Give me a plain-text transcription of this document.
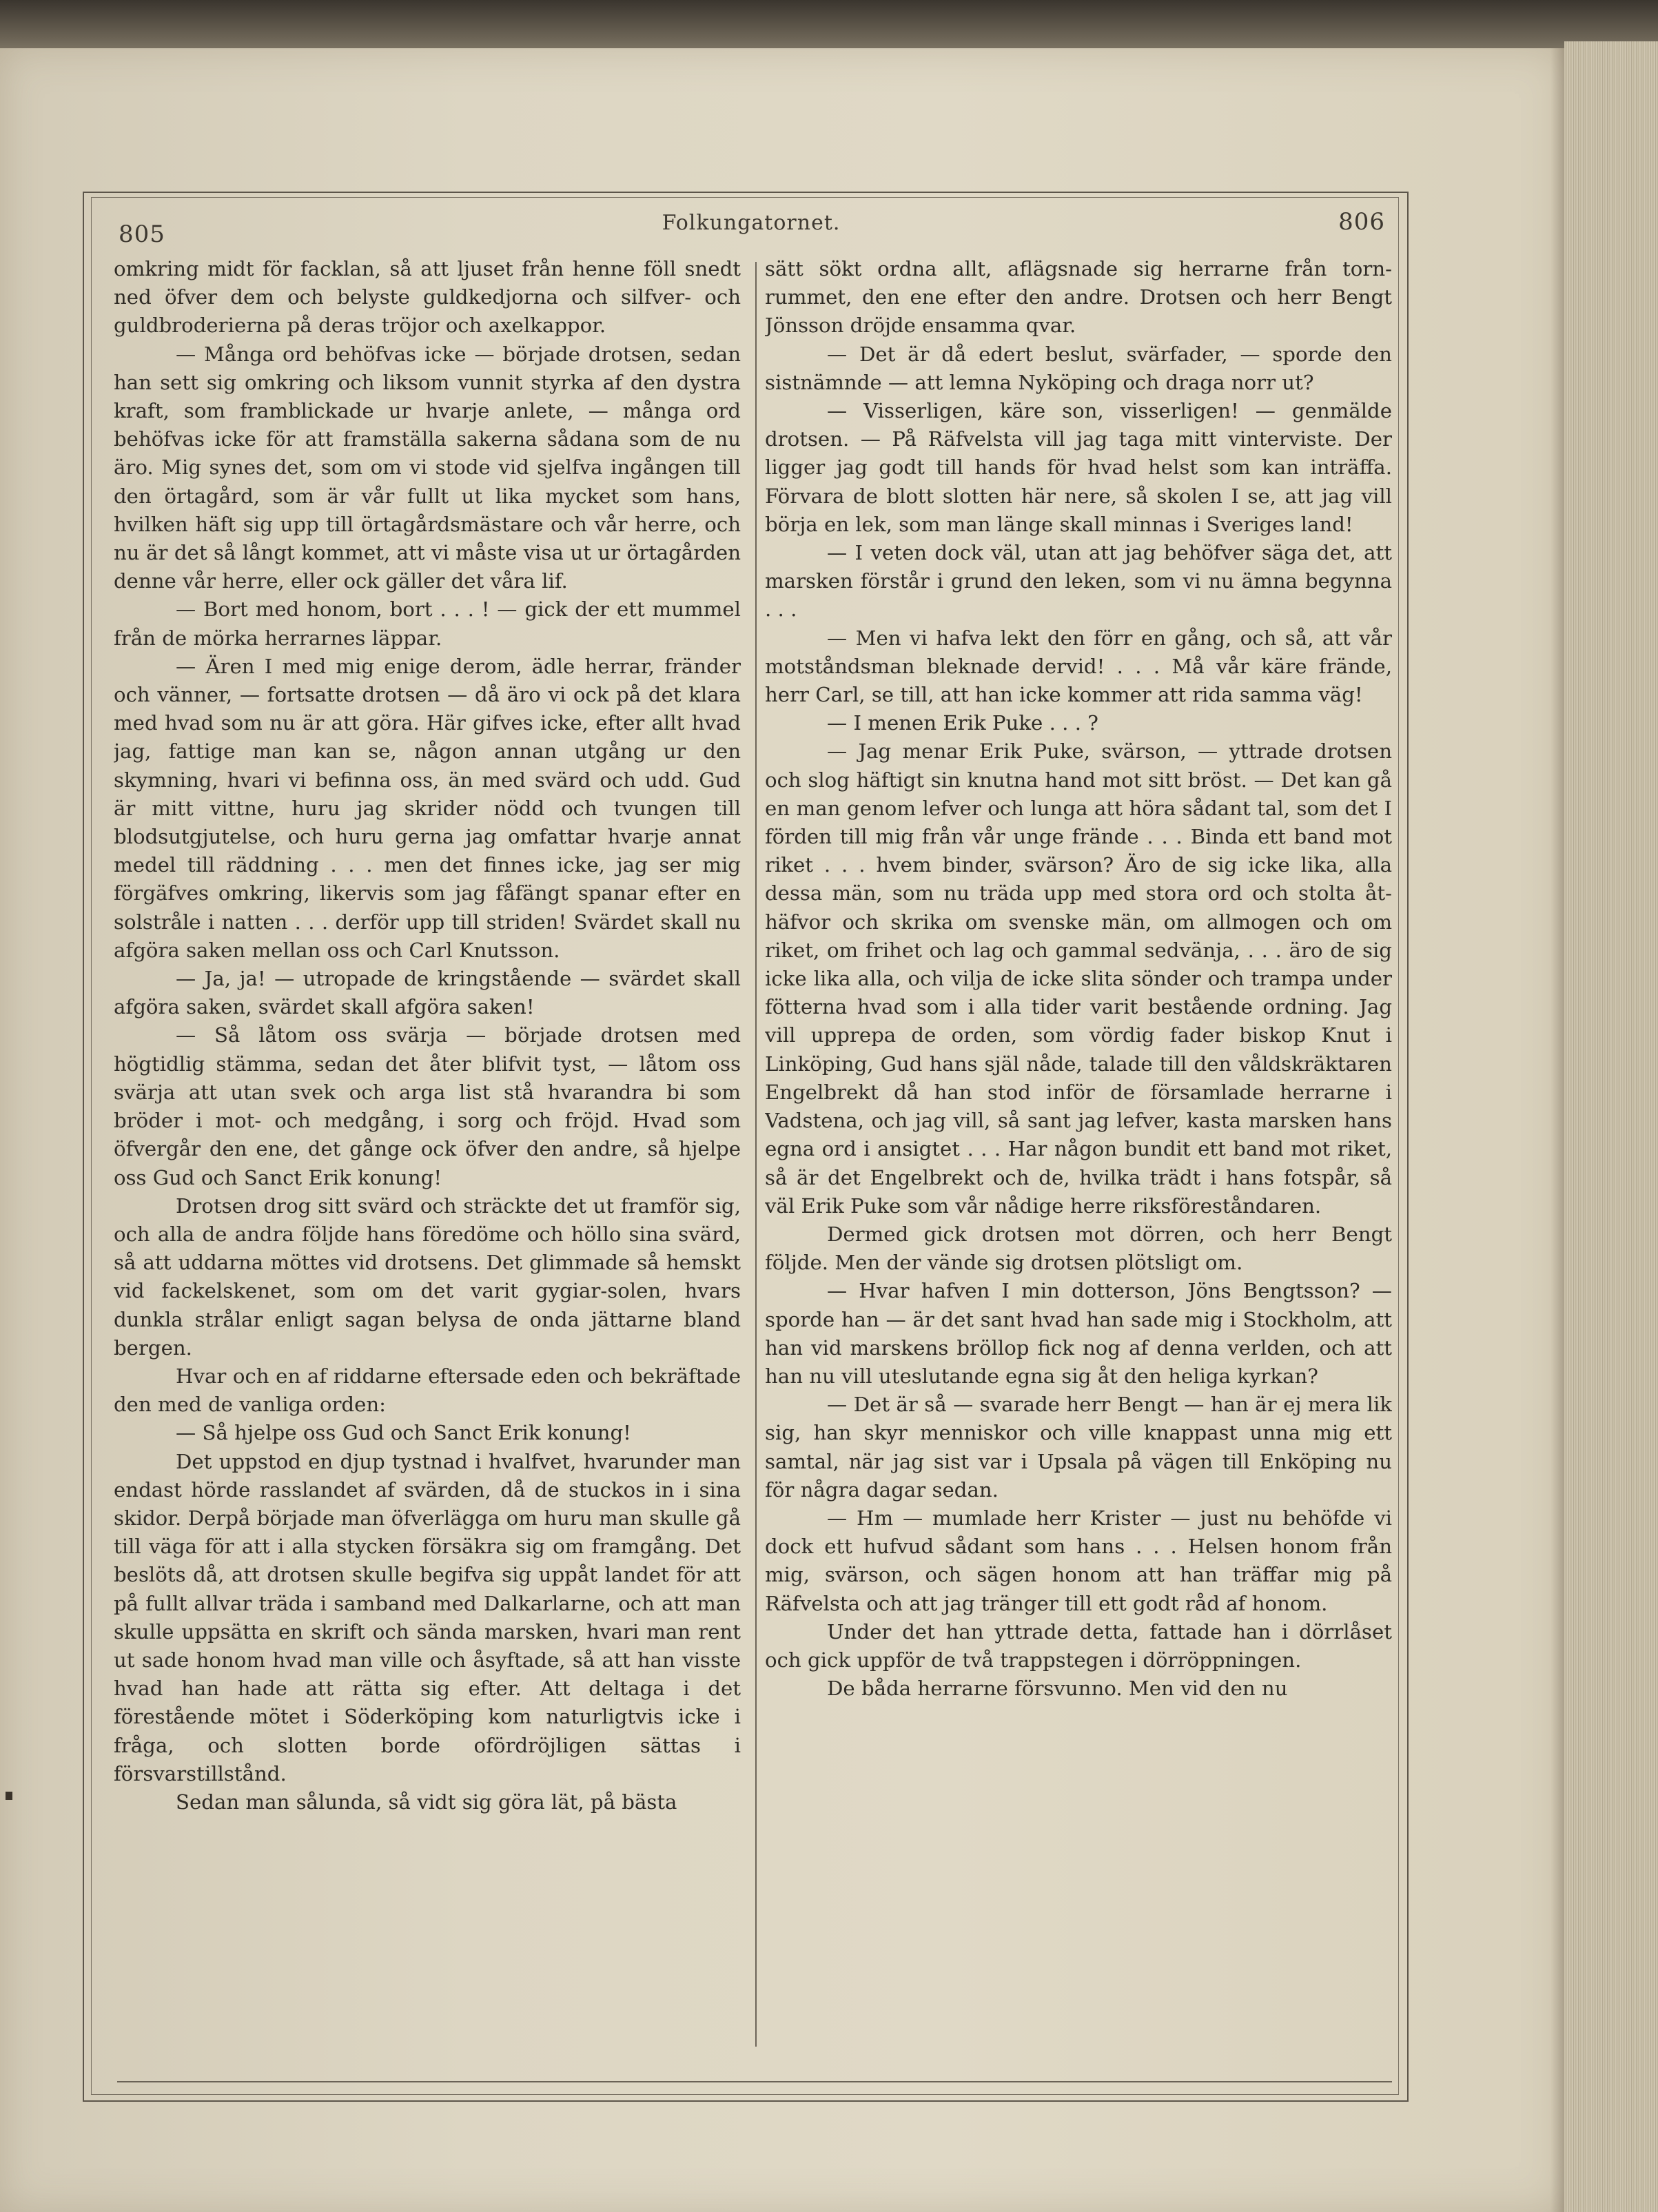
805	Folkungatornet.	806

omkring midt för facklan, så att ljuset från henne föll snedt ned öfver dem och belyste guldkedjorna och silfver- och guldbroderierna på deras tröjor och axelkappor.

— Många ord behöfvas icke — började drotsen, sedan han sett sig omkring och liksom vunnit styrka af den dystra kraft, som framblickade ur hvarje anlete, — många ord behöfvas icke för att framställa sakerna sådana som de nu äro. Mig synes det, som om vi stode vid sjelfva ingången till den örtagård, som är vår fullt ut lika mycket som hans, hvilken häft sig upp till örtagårdsmästare och vår herre, och nu är det så långt kommet, att vi måste visa ut ur örtagården denne vår herre, eller ock gäller det våra lif.

— Bort med honom, bort . . . ! — gick der ett mummel från de mörka herrarnes läppar.

— Ären I med mig enige derom, ädle herrar, fränder och vänner, — fortsatte drotsen — då äro vi ock på det klara med hvad som nu är att göra. Här gifves icke, efter allt hvad jag, fattige man kan se, någon annan utgång ur den skymning, hvari vi befinna oss, än med svärd och udd. Gud är mitt vittne, huru jag skrider nödd och tvungen till blodsutgjutelse, och huru gerna jag omfattar hvarje annat medel till räddning . . . men det finnes icke, jag ser mig förgäfves omkring, likervis som jag fåfängt spanar efter en solstråle i natten . . . derför upp till striden! Svärdet skall nu afgöra saken mellan oss och Carl Knutsson.

— Ja, ja! — utropade de kringstående — svärdet skall afgöra saken, svärdet skall afgöra saken!

— Så låtom oss svärja — började drotsen med högtidlig stämma, sedan det åter blifvit tyst, — låtom oss svärja att utan svek och arga list stå hvarandra bi som bröder i mot- och medgång, i sorg och fröjd. Hvad som öfvergår den ene, det gånge ock öfver den andre, så hjelpe oss Gud och Sanct Erik konung!

Drotsen drog sitt svärd och sträckte det ut framför sig, och alla de andra följde hans föredöme och höllo sina svärd, så att uddarna möttes vid drotsens. Det glimmade så hemskt vid fackelskenet, som om det varit gygiar-solen, hvars dunkla strålar enligt sagan belysa de onda jättarne bland bergen.

Hvar och en af riddarne eftersade eden och bekräftade den med de vanliga orden:

— Så hjelpe oss Gud och Sanct Erik konung!

Det uppstod en djup tystnad i hvalfvet, hvarunder man endast hörde rasslandet af svärden, då de stuckos in i sina skidor. Derpå började man öfverlägga om huru man skulle gå till väga för att i alla stycken försäkra sig om framgång. Det beslöts då, att drotsen skulle begifva sig uppåt landet för att på fullt allvar träda i samband med Dalkarlarne, och att man skulle uppsätta en skrift och sända marsken, hvari man rent ut sade honom hvad man ville och åsyftade, så att han visste hvad han hade att rätta sig efter. Att deltaga i det förestående mötet i Söderköping kom naturligtvis icke i fråga, och slotten borde ofördröjligen sättas i försvarstillstånd.

Sedan man sålunda, så vidt sig göra lät, på bästa

sätt sökt ordna allt, aflägsnade sig herrarne från tornrummet, den ene efter den andre. Drotsen och herr Bengt Jönsson dröjde ensamma qvar.

— Det är då edert beslut, svärfader, — sporde den sistnämnde — att lemna Nyköping och draga norr ut?

— Visserligen, käre son, visserligen! — genmälde drotsen. — På Räfvelsta vill jag taga mitt vinterviste. Der ligger jag godt till hands för hvad helst som kan inträffa. Förvara de blott slotten här nere, så skolen I se, att jag vill börja en lek, som man länge skall minnas i Sveriges land!

— I veten dock väl, utan att jag behöfver säga det, att marsken förstår i grund den leken, som vi nu ämna begynna . . .

— Men vi hafva lekt den förr en gång, och så, att vår motståndsman bleknade dervid! . . . Må vår käre frände, herr Carl, se till, att han icke kommer att rida samma väg!

— I menen Erik Puke . . . ?

— Jag menar Erik Puke, svärson, — yttrade drotsen och slog häftigt sin knutna hand mot sitt bröst. — Det kan gå en man genom lefver och lunga att höra sådant tal, som det I förden till mig från vår unge frände . . . Binda ett band mot riket . . . hvem binder, svärson? Äro de sig icke lika, alla dessa män, som nu träda upp med stora ord och stolta åthäfvor och skrika om svenske män, om allmogen och om riket, om frihet och lag och gammal sedvänja, . . . äro de sig icke lika alla, och vilja de icke slita sönder och trampa under fötterna hvad som i alla tider varit bestående ordning. Jag vill upprepa de orden, som vördig fader biskop Knut i Linköping, Gud hans själ nåde, talade till den våldskräktaren Engelbrekt då han stod inför de församlade herrarne i Vadstena, och jag vill, så sant jag lefver, kasta marsken hans egna ord i ansigtet . . . Har någon bundit ett band mot riket, så är det Engelbrekt och de, hvilka trädt i hans fotspår, så väl Erik Puke som vår nådige herre riksföreståndaren.

Dermed gick drotsen mot dörren, och herr Bengt följde. Men der vände sig drotsen plötsligt om.

— Hvar hafven I min dotterson, Jöns Bengtsson? — sporde han — är det sant hvad han sade mig i Stockholm, att han vid marskens bröllop fick nog af denna verlden, och att han nu vill uteslutande egna sig åt den heliga kyrkan?

— Det är så — svarade herr Bengt — han är ej mera lik sig, han skyr menniskor och ville knappast unna mig ett samtal, när jag sist var i Upsala på vägen till Enköping nu för några dagar sedan.

— Hm — mumlade herr Krister — just nu behöfde vi dock ett hufvud sådant som hans . . . Helsen honom från mig, svärson, och sägen honom att han träffar mig på Räfvelsta och att jag tränger till ett godt råd af honom.

Under det han yttrade detta, fattade han i dörrlåset och gick uppför de två trappstegen i dörröppningen.

De båda herrarne försvunno. Men vid den nu
